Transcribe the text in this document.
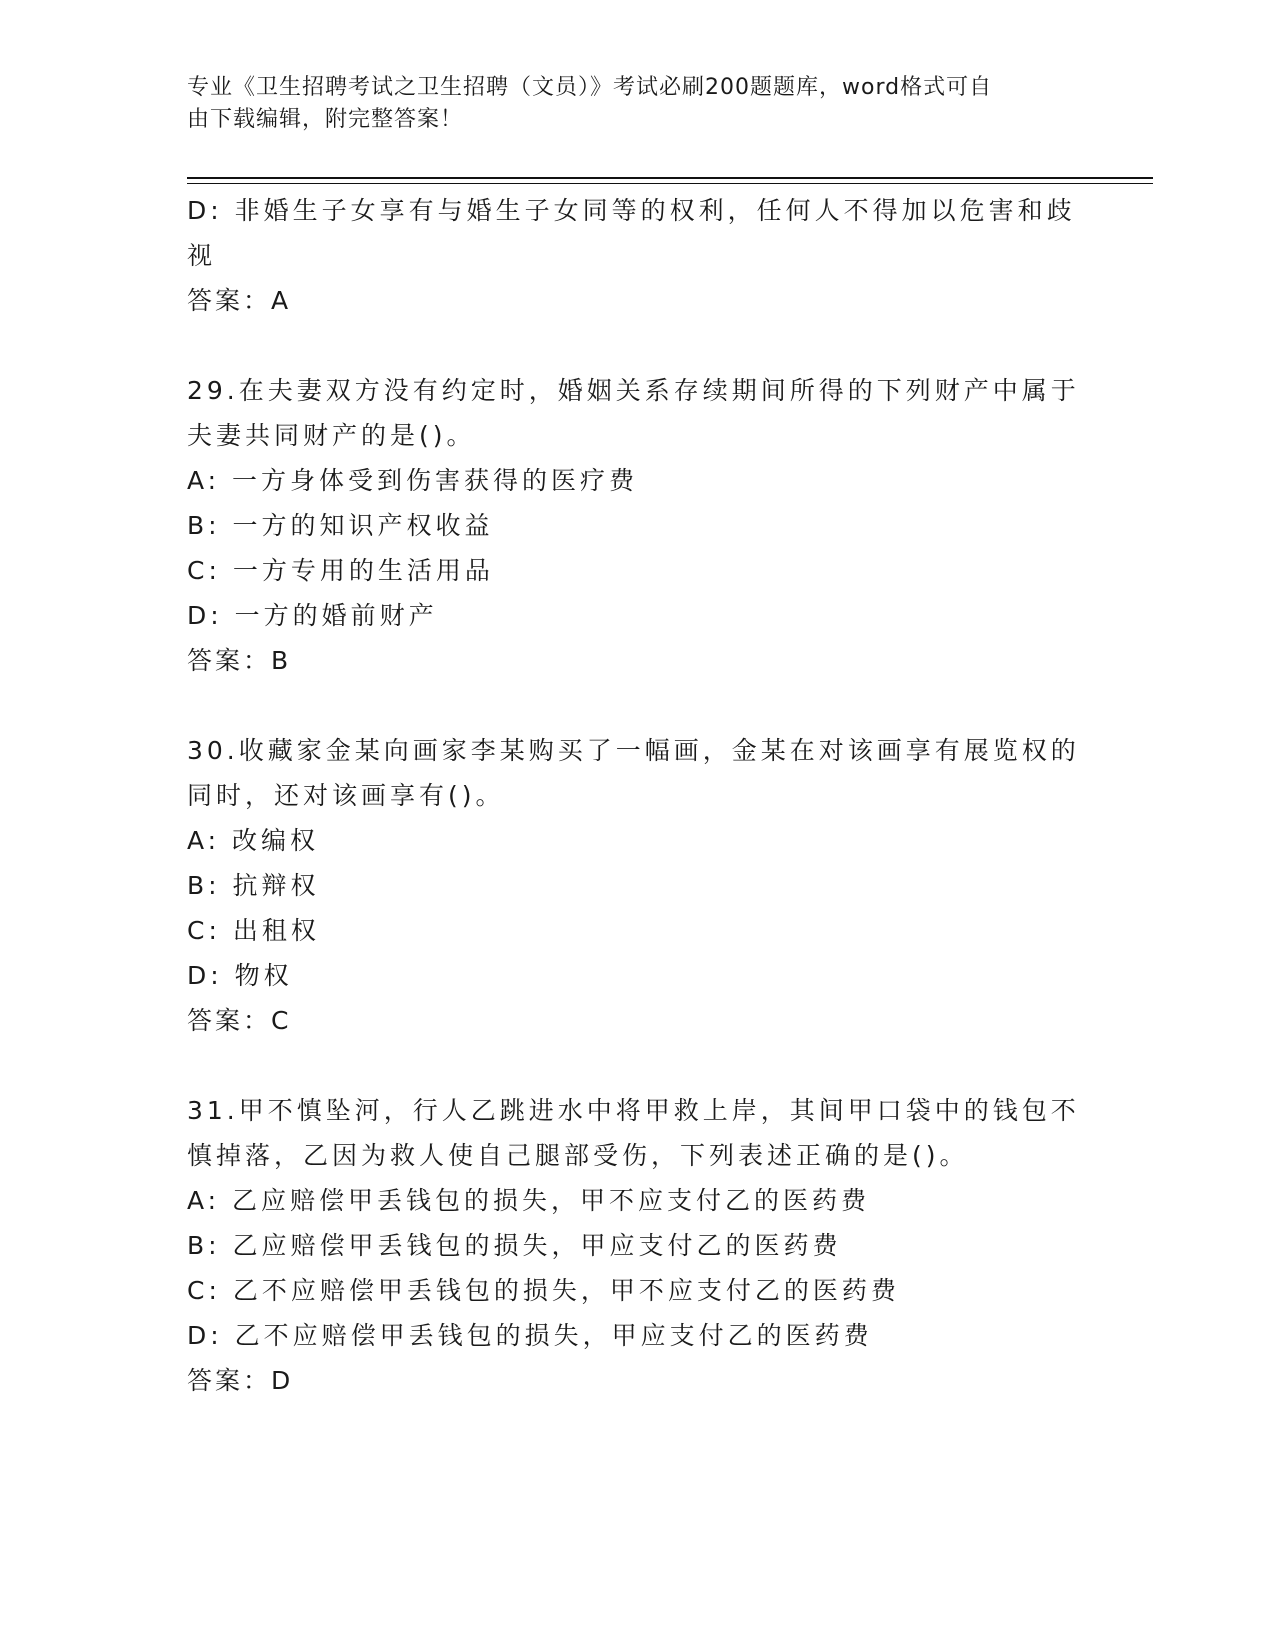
专业《卫生招聘考试之卫生招聘（文员）》考试必刷200题题库，word格式可自
由下载编辑，附完整答案！
D: 非婚生子女享有与婚生子女同等的权利，任何人不得加以危害和歧
视
答案：A
29.在夫妻双方没有约定时，婚姻关系存续期间所得的下列财产中属于
夫妻共同财产的是()。
A: 一方身体受到伤害获得的医疗费
B: 一方的知识产权收益
C: 一方专用的生活用品
D: 一方的婚前财产
答案：B
30.收藏家金某向画家李某购买了一幅画，金某在对该画享有展览权的
同时，还对该画享有()。
A: 改编权
B: 抗辩权
C: 出租权
D: 物权
答案：C
31.甲不慎坠河，行人乙跳进水中将甲救上岸，其间甲口袋中的钱包不
慎掉落，乙因为救人使自己腿部受伤，下列表述正确的是()。
A: 乙应赔偿甲丢钱包的损失，甲不应支付乙的医药费
B: 乙应赔偿甲丢钱包的损失，甲应支付乙的医药费
C: 乙不应赔偿甲丢钱包的损失，甲不应支付乙的医药费
D: 乙不应赔偿甲丢钱包的损失，甲应支付乙的医药费
答案：D
